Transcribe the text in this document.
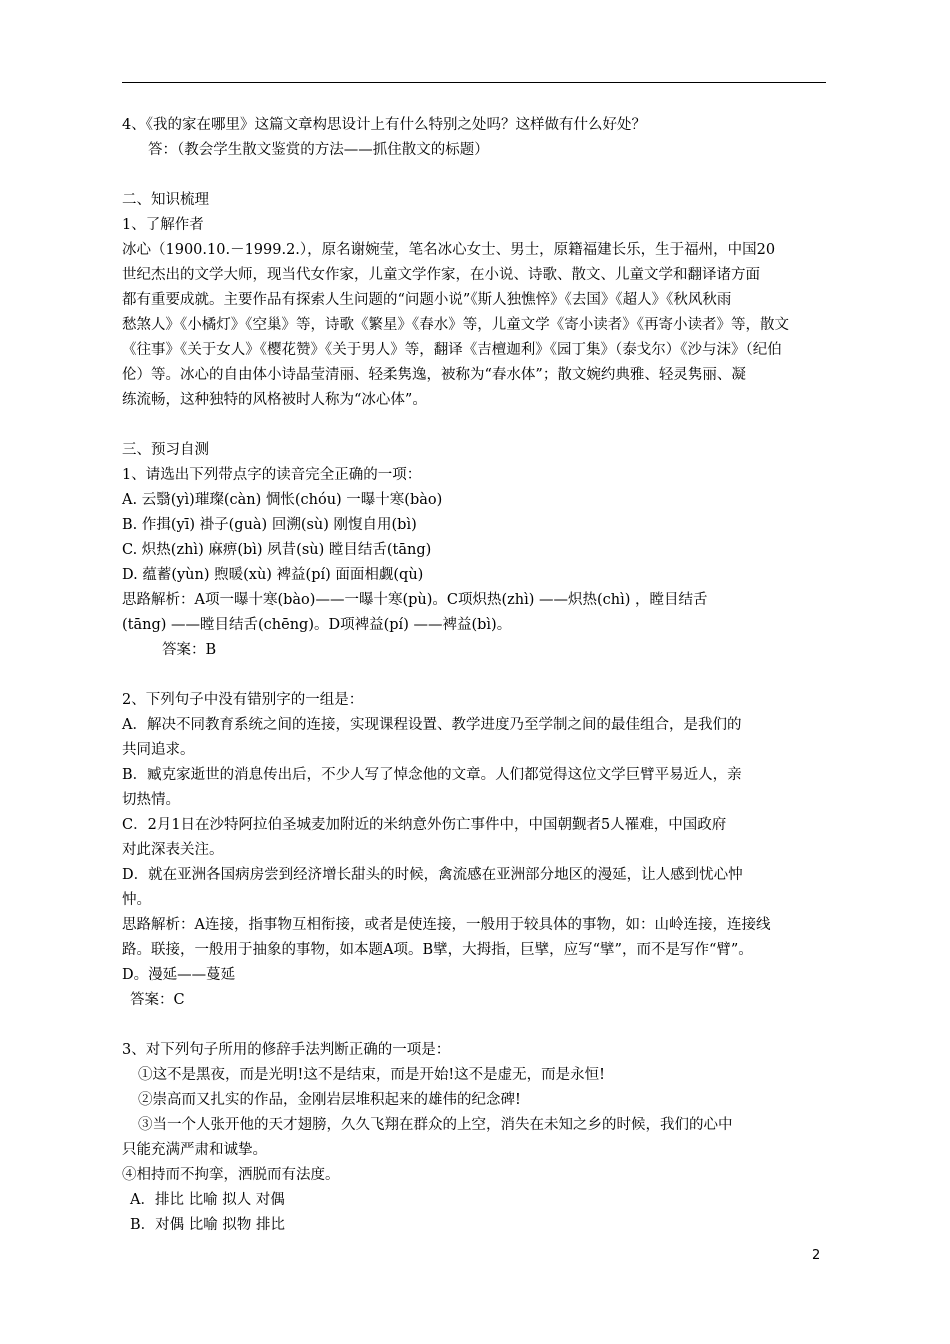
4、《我的家在哪里》这篇文章构思设计上有什么特别之处吗？这样做有什么好处？
答：（教会学生散文鉴赏的方法——抓住散文的标题）
二、知识梳理
1、了解作者
冰心（1900.10.－1999.2.），原名谢婉莹，笔名冰心女士、男士，原籍福建长乐，生于福州，中国20
世纪杰出的文学大师，现当代女作家，儿童文学作家，在小说、诗歌、散文、儿童文学和翻译诸方面
都有重要成就。主要作品有探索人生问题的“问题小说”《斯人独憔悴》《去国》《超人》《秋风秋雨
愁煞人》《小橘灯》《空巢》等，诗歌《繁星》《春水》等，儿童文学《寄小读者》《再寄小读者》等，散文
《往事》《关于女人》《樱花赞》《关于男人》等，翻译《吉檀迦利》《园丁集》（泰戈尔）《沙与沫》（纪伯
伦）等。冰心的自由体小诗晶莹清丽、轻柔隽逸，被称为“春水体”；散文婉约典雅、轻灵隽丽、凝
练流畅，这种独特的风格被时人称为“冰心体”。
三、预习自测
1、请选出下列带点字的读音完全正确的一项：
A. 云翳(yì)璀璨(càn) 惆怅(chóu) 一曝十寒(bào)
B. 作揖(yī) 褂子(guà) 回溯(sù) 刚愎自用(bì)
C. 炽热(zhì) 麻痹(bì) 夙昔(sù) 瞠目结舌(tāng)
D. 蕴蓄(yùn) 煦暖(xù) 裨益(pí) 面面相觑(qù)
思路解析：A项一曝十寒(bào)——一曝十寒(pù)。C项炽热(zhì) ——炽热(chì) ，瞠目结舌
(tāng) ——瞠目结舌(chēng)。D项裨益(pí) ——裨益(bì)。
答案：B
2、下列句子中没有错别字的一组是：
A．解决不同教育系统之间的连接，实现课程设置、教学进度乃至学制之间的最佳组合，是我们的
共同追求。
B．臧克家逝世的消息传出后，不少人写了悼念他的文章。人们都觉得这位文学巨臂平易近人，亲
切热情。
C．2月1日在沙特阿拉伯圣城麦加附近的米纳意外伤亡事件中，中国朝觐者5人罹难，中国政府
对此深表关注。
D．就在亚洲各国病房尝到经济增长甜头的时候，禽流感在亚洲部分地区的漫延，让人感到忧心忡
忡。
思路解析：A连接，指事物互相衔接，或者是使连接，一般用于较具体的事物，如：山岭连接，连接线
路。联接，一般用于抽象的事物，如本题A项。B擘，大拇指，巨擘，应写“擘”，而不是写作“臂”。
D。漫延——蔓延
答案：C
3、对下列句子所用的修辞手法判断正确的一项是：
①这不是黑夜，而是光明!这不是结束，而是开始!这不是虚无，而是永恒!
②崇高而又扎实的作品，金刚岩层堆积起来的雄伟的纪念碑!
③当一个人张开他的天才翅膀，久久飞翔在群众的上空，消失在未知之乡的时候，我们的心中
只能充满严肃和诚挚。
④相持而不拘挛，洒脱而有法度。
A．排比 比喻 拟人 对偶
B．对偶 比喻 拟物 排比
2
